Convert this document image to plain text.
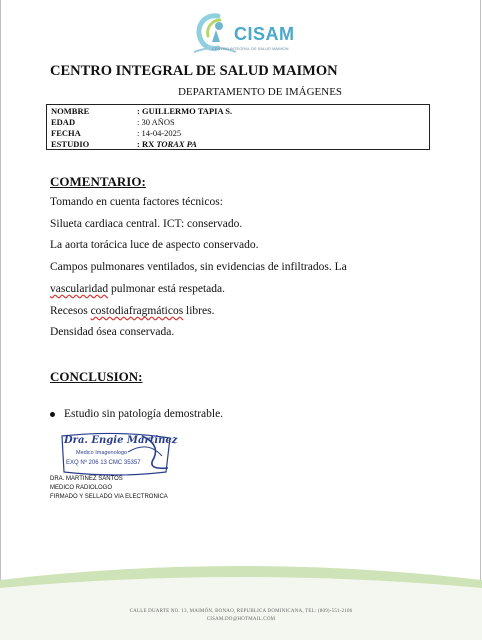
CISAM
CENTRO INTEGRAL DE SALUD MAIMON
CENTRO INTEGRAL DE SALUD MAIMON
DEPARTAMENTO DE IMÁGENES
NOMBRE	: GUILLERMO TAPIA S.
EDAD	: 30 AÑOS
FECHA	: 14-04-2025
ESTUDIO	: RX TORAX PA
COMENTARIO:
Tomando en cuenta factores técnicos:
Silueta cardiaca central. ICT: conservado.
La aorta torácica luce de aspecto conservado.
Campos pulmonares ventilados, sin evidencias de infiltrados. La
vascularidad pulmonar está respetada.
Recesos costodiafragmáticos libres.
Densidad ósea conservada.
CONCLUSION:
Estudio sin patología demostrable.
Dra. Engie Martinez
Medico Imagenologo
EXQ Nº 206 13 CMC 35357
DRA. MARTINEZ SANTOS
MEDICO RADIOLOGO
FIRMADO Y SELLADO VIA ELECTRONICA
CALLE DUARTE NO. 13, MAIMÓN, BONAO, REPUBLICA DOMINICANA, TEL: (809)-551-2106
CISAM.DO@HOTMAIL.COM
